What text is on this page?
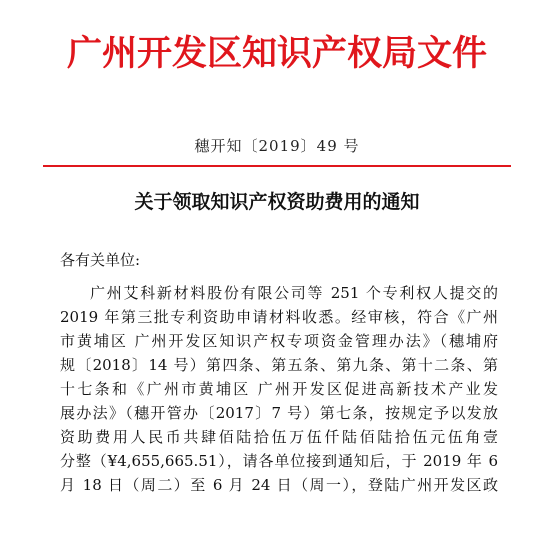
广州开发区知识产权局文件
穗开知〔2019〕49 号
关于领取知识产权资助费用的通知
各有关单位:
广州艾科新材料股份有限公司等 251 个专利权人提交的
2019 年第三批专利资助申请材料收悉。经审核，符合《广州
市黄埔区 广州开发区知识产权专项资金管理办法》（穗埔府
规〔2018〕14 号）第四条、第五条、第九条、第十二条、第
十七条和《广州市黄埔区 广州开发区促进高新技术产业发
展办法》（穗开管办〔2017〕7 号）第七条，按规定予以发放
资助费用人民币共肆佰陆拾伍万伍仟陆佰陆拾伍元伍角壹
分整（¥4,655,665.51），请各单位接到通知后，于 2019 年 6
月 18 日（周二）至 6 月 24 日（周一），登陆广州开发区政
